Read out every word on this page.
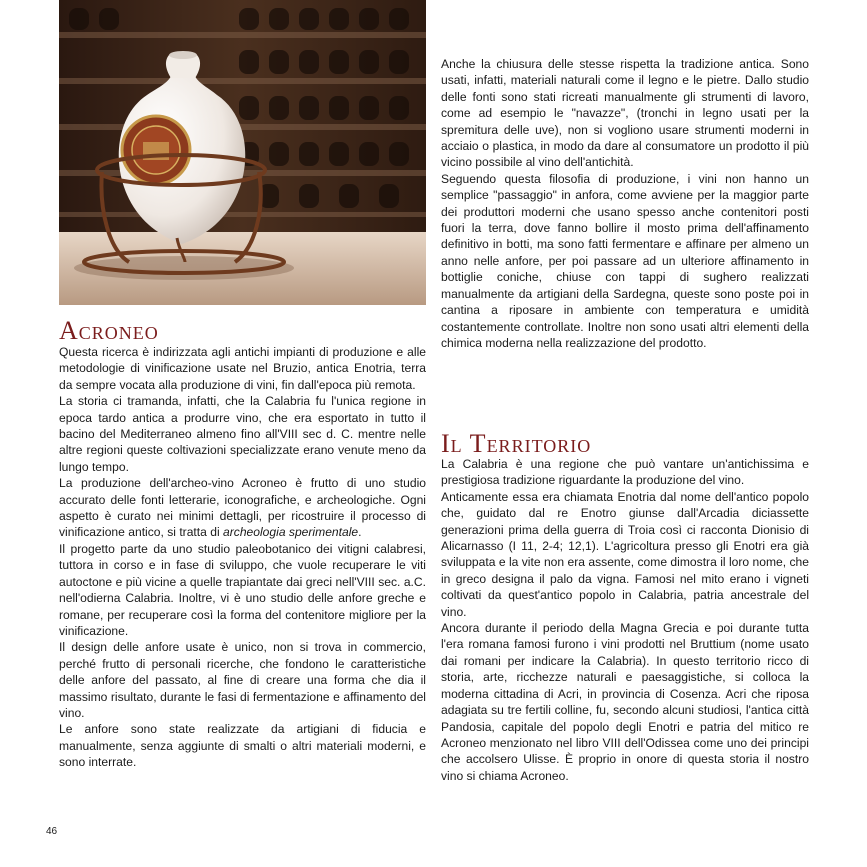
Acroneo

Questa ricerca è indirizzata agli antichi impianti di produzione e alle metodologie di vinificazione usate nel Bruzio, antica Enotria, terra da sempre vocata alla produzione di vini, fin dall'epoca più remota.

La storia ci tramanda, infatti, che la Calabria fu l'unica regione in epoca tardo antica a produrre vino, che era esportato in tutto il bacino del Mediterraneo almeno fino all'VIII sec d. C. mentre nelle altre regioni queste coltivazioni specializzate erano venute meno da lungo tempo.

La produzione dell'archeo-vino Acroneo è frutto di uno studio accurato delle fonti letterarie, iconografiche, e archeologiche. Ogni aspetto è curato nei minimi dettagli, per ricostruire il processo di vinificazione antico, si tratta di archeologia sperimentale.

Il progetto parte da uno studio paleobotanico dei vitigni calabresi, tuttora in corso e in fase di sviluppo, che vuole recuperare le viti autoctone e più vicine a quelle trapiantate dai greci nell'VIII sec. a.C. nell'odierna Calabria. Inoltre, vi è uno studio delle anfore greche e romane, per recuperare così la forma del contenitore migliore per la vinificazione.

Il design delle anfore usate è unico, non si trova in commercio, perché frutto di personali ricerche, che fondono le caratteristiche delle anfore del passato, al fine di creare una forma che dia il massimo risultato, durante le fasi di fermentazione e affinamento del vino.

Le anfore sono state realizzate da artigiani di fiducia e manualmente, senza aggiunte di smalti o altri materiali moderni, e sono interrate.

Anche la chiusura delle stesse rispetta la tradizione antica. Sono usati, infatti, materiali naturali come il legno e le pietre. Dallo studio delle fonti sono stati ricreati manualmente gli strumenti di lavoro, come ad esempio le "navazze", (tronchi in legno usati per la spremitura delle uve), non si vogliono usare strumenti moderni in acciaio o plastica, in modo da dare al consumatore un prodotto il più vicino possibile al vino dell'antichità.

Seguendo questa filosofia di produzione, i vini non hanno un semplice "passaggio" in anfora, come avviene per la maggior parte dei produttori moderni che usano spesso anche contenitori posti fuori la terra, dove fanno bollire il mosto prima dell'affinamento definitivo in botti, ma sono fatti fermentare e affinare per almeno un anno nelle anfore, per poi passare ad un ulteriore affinamento in bottiglie coniche, chiuse con tappi di sughero realizzati manualmente da artigiani della Sardegna, queste sono poste poi in cantina a riposare in ambiente con temperatura e umidità costantemente controllate. Inoltre non sono usati altri elementi della chimica moderna nella realizzazione del prodotto.

Il Territorio

La Calabria è una regione che può vantare un'antichissima e prestigiosa tradizione riguardante la produzione del vino.

Anticamente essa era chiamata Enotria dal nome dell'antico popolo che, guidato dal re Enotro giunse dall'Arcadia diciassette generazioni prima della guerra di Troia così ci racconta Dionisio di Alicarnasso (I 11, 2-4; 12,1). L'agricoltura presso gli Enotri era già sviluppata e la vite non era assente, come dimostra il loro nome, che in greco designa il palo da vigna. Famosi nel mito erano i vigneti coltivati da quest'antico popolo in Calabria, patria ancestrale del vino.

Ancora durante il periodo della Magna Grecia e poi durante tutta l'era romana famosi furono i vini prodotti nel Bruttium (nome usato dai romani per indicare la Calabria). In questo territorio ricco di storia, arte, ricchezze naturali e paesaggistiche, si colloca la moderna cittadina di Acri, in provincia di Cosenza. Acri che riposa adagiata su tre fertili colline, fu, secondo alcuni studiosi, l'antica città Pandosia, capitale del popolo degli Enotri e patria del mitico re Acroneo menzionato nel libro VIII dell'Odissea come uno dei principi che accolsero Ulisse. È proprio in onore di questa storia il nostro vino si chiama Acroneo.

46
